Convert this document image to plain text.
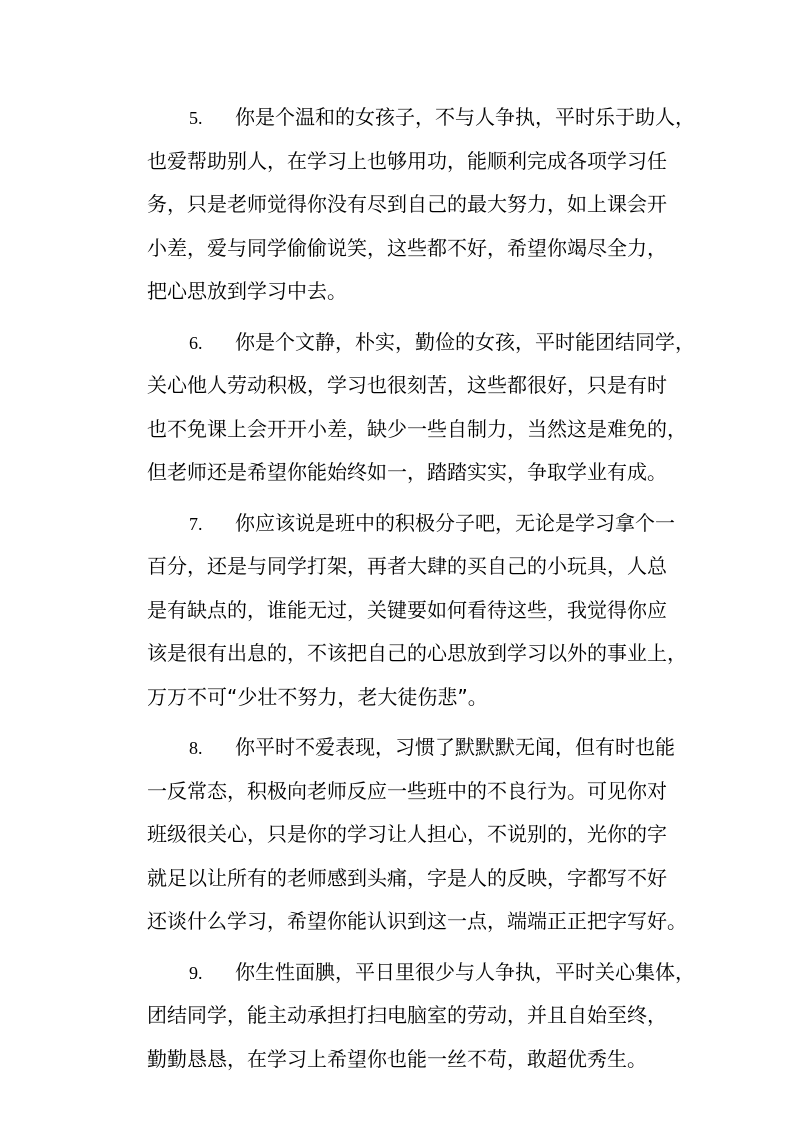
5. 你是个温和的女孩子，不与人争执，平时乐于助人，
也爱帮助别人，在学习上也够用功，能顺利完成各项学习任
务，只是老师觉得你没有尽到自己的最大努力，如上课会开
小差，爱与同学偷偷说笑，这些都不好，希望你竭尽全力，
把心思放到学习中去。
6. 你是个文静，朴实，勤俭的女孩，平时能团结同学，
关心他人劳动积极，学习也很刻苦，这些都很好，只是有时
也不免课上会开开小差，缺少一些自制力，当然这是难免的，
但老师还是希望你能始终如一，踏踏实实，争取学业有成。
7. 你应该说是班中的积极分子吧，无论是学习拿个一
百分，还是与同学打架，再者大肆的买自己的小玩具，人总
是有缺点的，谁能无过，关键要如何看待这些，我觉得你应
该是很有出息的，不该把自己的心思放到学习以外的事业上，
万万不可“少壮不努力，老大徒伤悲”。
8. 你平时不爱表现，习惯了默默默无闻，但有时也能
一反常态，积极向老师反应一些班中的不良行为。可见你对
班级很关心，只是你的学习让人担心，不说别的，光你的字
就足以让所有的老师感到头痛，字是人的反映，字都写不好
还谈什么学习，希望你能认识到这一点，端端正正把字写好。
9. 你生性面腆，平日里很少与人争执，平时关心集体，
团结同学，能主动承担打扫电脑室的劳动，并且自始至终，
勤勤恳恳，在学习上希望你也能一丝不苟，敢超优秀生。
